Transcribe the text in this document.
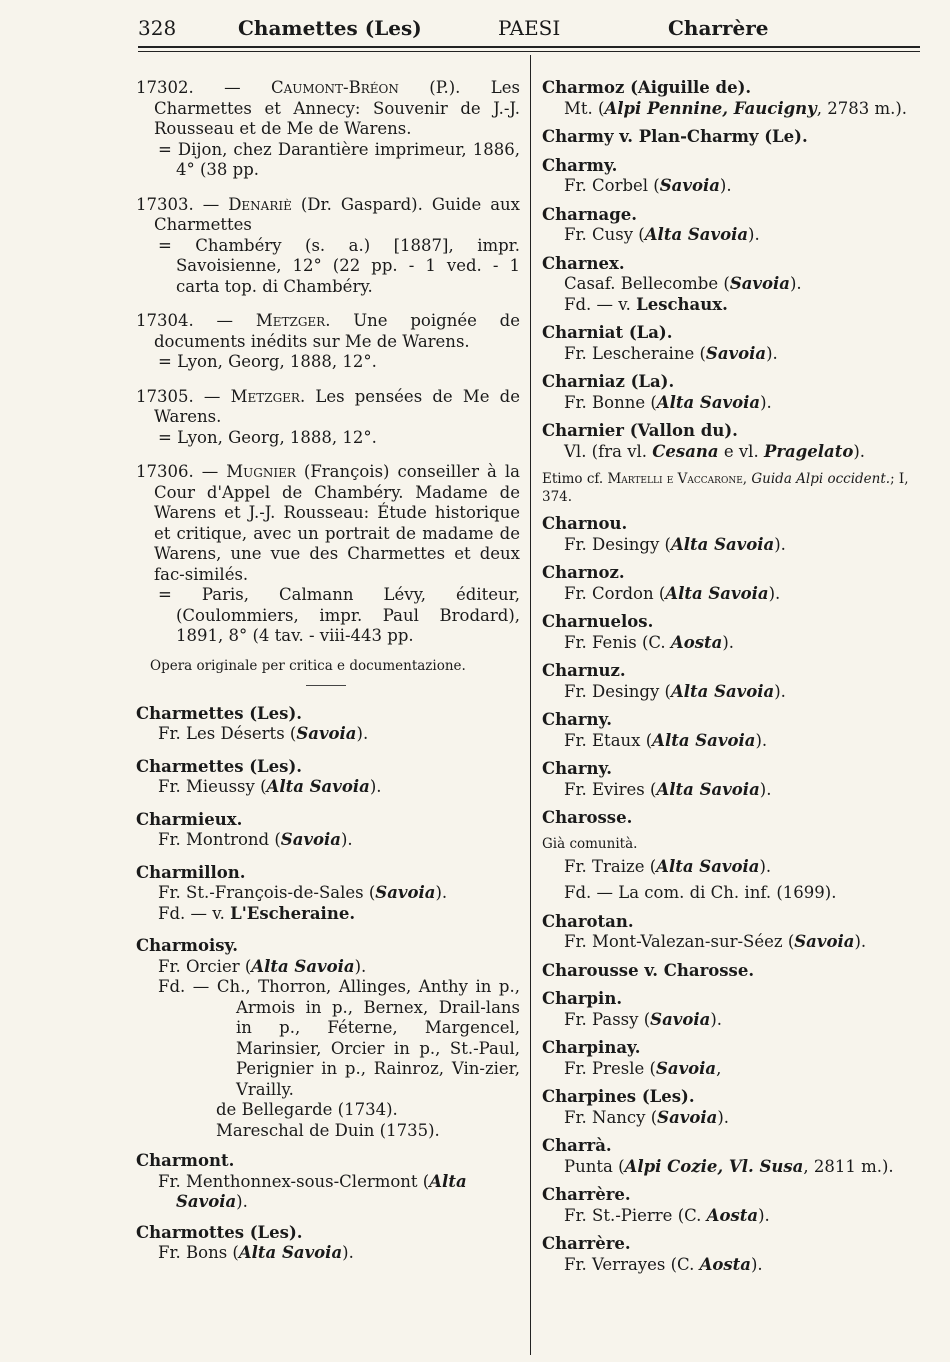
328	Chamettes (Les)	PAESI	Charrère
17302. — Caumont-Bréon (P.). Les Charmettes et Annecy: Souvenir de J.-J. Rousseau et de Me de Warens.
= Dijon, chez Darantière imprimeur, 1886, 4° (38 pp.
17303. — Denariè (Dr. Gaspard). Guide aux Charmettes
= Chambéry (s. a.) [1887], impr. Savoisienne, 12° (22 pp. - 1 ved. - 1 carta top. di Chambéry.
17304. — Metzger. Une poignée de documents inédits sur Me de Warens.
= Lyon, Georg, 1888, 12°.
17305. — Metzger. Les pensées de Me de Warens.
= Lyon, Georg, 1888, 12°.
17306. — Mugnier (François) conseiller à la Cour d'Appel de Chambéry. Madame de Warens et J.-J. Rousseau: Étude historique et critique, avec un portrait de madame de Warens, une vue des Charmettes et deux fac-similés.
= Paris, Calmann Lévy, éditeur, (Coulommiers, impr. Paul Brodard), 1891, 8° (4 tav. - viii-443 pp.
Opera originale per critica e documentazione.
Charmettes (Les).
Fr. Les Déserts (Savoia).
Charmettes (Les).
Fr. Mieussy (Alta Savoia).
Charmieux.
Fr. Montrond (Savoia).
Charmillon.
Fr. St.-François-de-Sales (Savoia).
Fd. — v. L'Escheraine.
Charmoisy.
Fr. Orcier (Alta Savoia).
Fd. — Ch., Thorron, Allinges, Anthy in p., Armois in p., Bernex, Drail-lans in p., Féterne, Margencel, Marinsier, Orcier in p., St.-Paul, Perignier in p., Rainroz, Vin-zier, Vrailly.
de Bellegarde (1734).
Mareschal de Duin (1735).
Charmont.
Fr. Menthonnex-sous-Clermont (Alta Savoia).
Charmottes (Les).
Fr. Bons (Alta Savoia).
Charmoz (Aiguille de).
Mt. (Alpi Pennine, Faucigny, 2783 m.).
Charmy v. Plan-Charmy (Le).
Charmy.
Fr. Corbel (Savoia).
Charnage.
Fr. Cusy (Alta Savoia).
Charnex.
Casaf. Bellecombe (Savoia).
Fd. — v. Leschaux.
Charniat (La).
Fr. Lescheraine (Savoia).
Charniaz (La).
Fr. Bonne (Alta Savoia).
Charnier (Vallon du).
Vl. (fra vl. Cesana e vl. Pragelato).
Etimo cf. Martelli e Vaccarone, Guida Alpi occident.; I, 374.
Charnou.
Fr. Desingy (Alta Savoia).
Charnoz.
Fr. Cordon (Alta Savoia).
Charnuelos.
Fr. Fenis (C. Aosta).
Charnuz.
Fr. Desingy (Alta Savoia).
Charny.
Fr. Etaux (Alta Savoia).
Charny.
Fr. Evires (Alta Savoia).
Charosse.
Già comunità.
Fr. Traize (Alta Savoia).
Fd. — La com. di Ch. inf. (1699).
Charotan.
Fr. Mont-Valezan-sur-Séez (Savoia).
Charousse v. Charosse.
Charpin.
Fr. Passy (Savoia).
Charpinay.
Fr. Presle (Savoia,
Charpines (Les).
Fr. Nancy (Savoia).
Charrà.
Punta (Alpi Cozie, Vl. Susa, 2811 m.).
Charrère.
Fr. St.-Pierre (C. Aosta).
Charrère.
Fr. Verrayes (C. Aosta).
